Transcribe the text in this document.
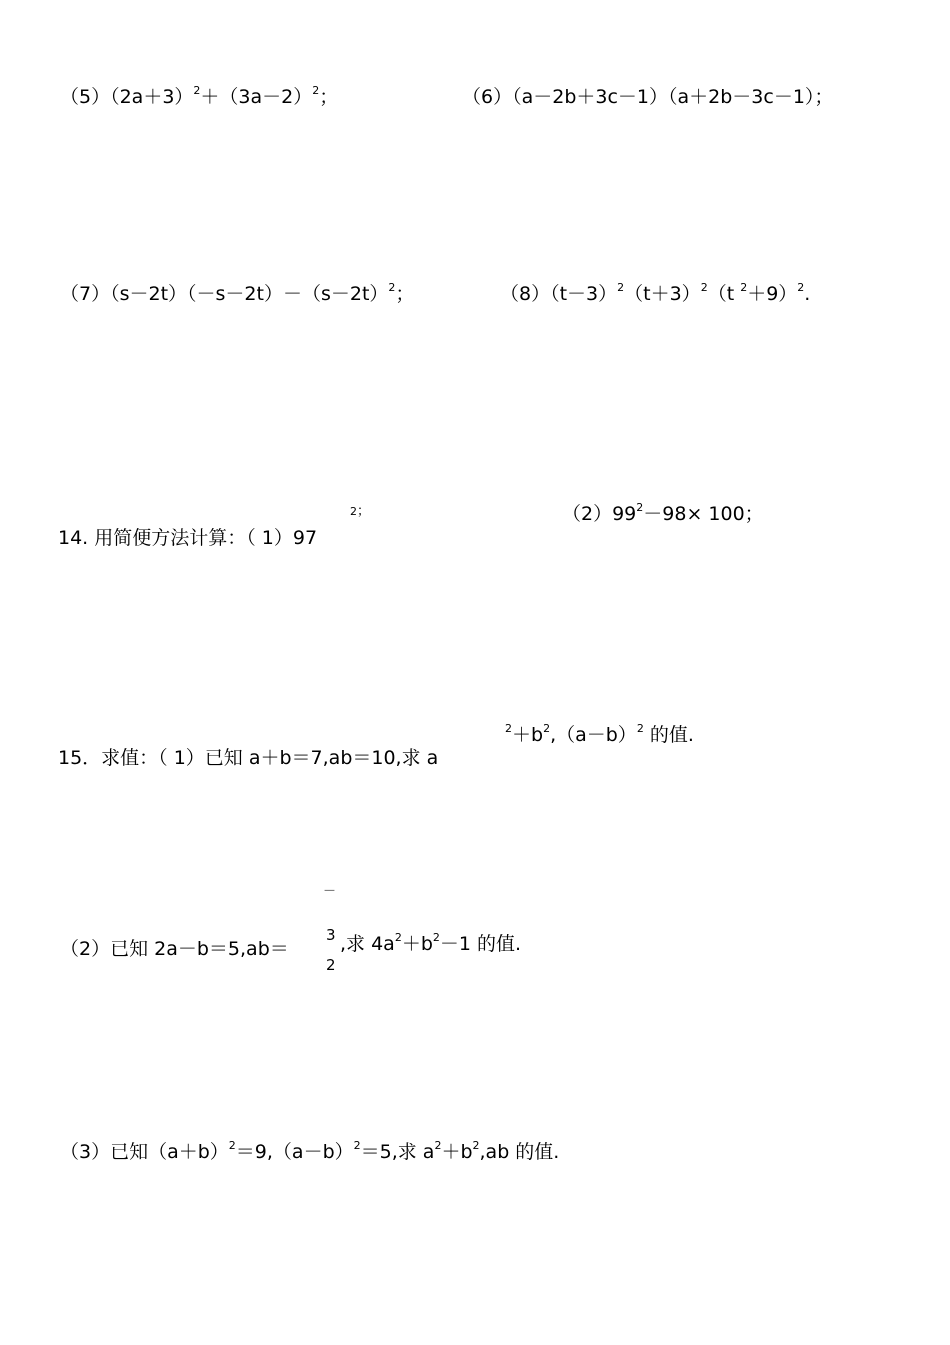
$(5)(2a+3)^2+(3a-2)^2$；	（6）（a－2b＋3c－1）（a＋2b－3c－1）；
$(7)(s-2t)(-s-2t)-(s-2t)^2$；	$(8)(t-3)^2(t+3)^2(t$ $^2$＋9）$^2$.
14. 用简便方法计算：（ 1）97
2；	$(2)99^2-98\times 100$；
15．求值：（ 1）已知 a＋b＝7,ab＝10,求 a
$^2+b^2,(a-b)^2$ 的值.
－
（2）已知 2a－b＝5,ab＝
3
2
,求 $4a^2+b^2-1$ 的值.
（3）已知$(a+b)^2=9,(a-b)^2=5$,求 $a^2+b^2,ab$ 的值.
